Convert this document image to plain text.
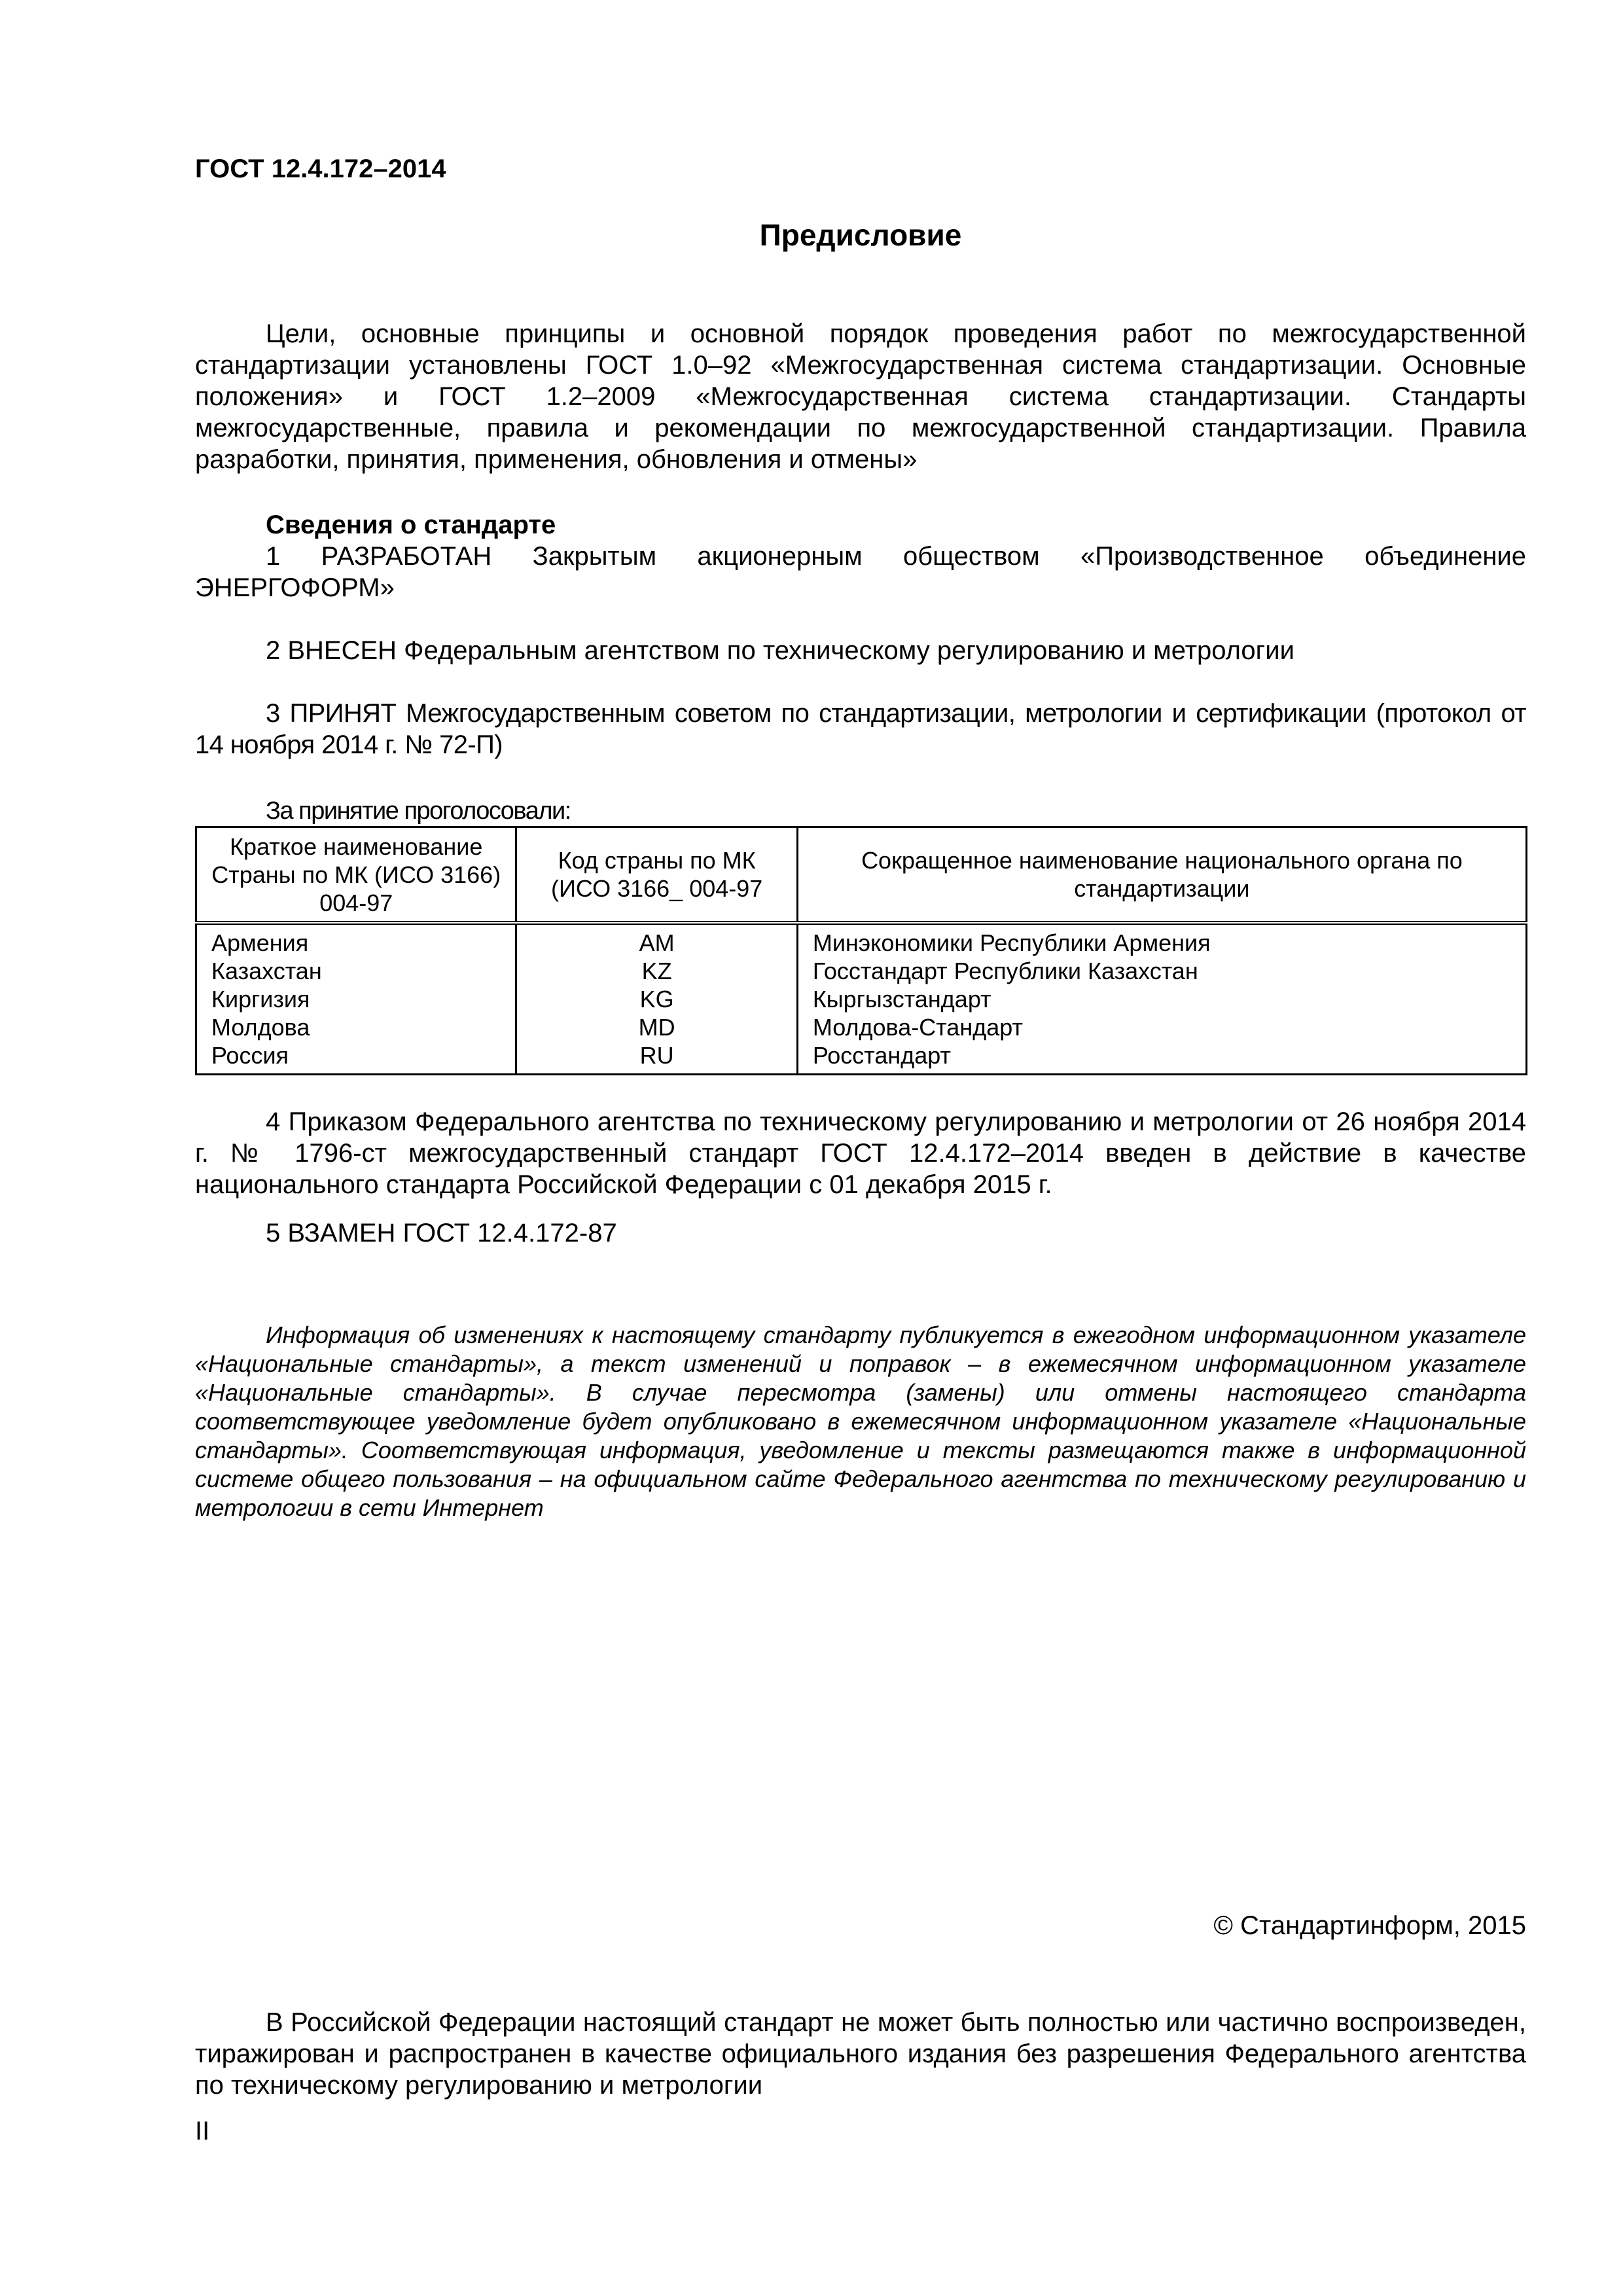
ГОСТ 12.4.172–2014
Предисловие

Цели, основные принципы и основной порядок проведения работ по межгосударственной стандартизации установлены ГОСТ 1.0–92 «Межгосударственная система стандартизации. Основные положения» и ГОСТ 1.2–2009 «Межгосударственная система стандартизации. Стандарты межгосударственные, правила и рекомендации по межгосударственной стандартизации. Правила разработки, принятия, применения, обновления и отмены»

Сведения о стандарте

1 РАЗРАБОТАН Закрытым акционерным обществом «Производственное объединение ЭНЕРГОФОРМ»

2 ВНЕСЕН Федеральным агентством по техническому регулированию и метрологии

3 ПРИНЯТ Межгосударственным советом по стандартизации, метрологии и сертификации (протокол от 14 ноября 2014 г. № 72-П)

За принятие проголосовали:
Краткое наименование Страны по МК (ИСО 3166) 004-97	Код страны по МК (ИСО 3166_ 004-97	Сокращенное наименование национального органа по стандартизации
Армения	AM	Минэкономики Республики Армения
Казахстан	KZ	Госстандарт Республики Казахстан
Киргизия	KG	Кыргызстандарт
Молдова	MD	Молдова-Стандарт
Россия	RU	Росстандарт

4 Приказом Федерального агентства по техническому регулированию и метрологии от 26 ноября 2014 г. № 1796-ст межгосударственный стандарт ГОСТ 12.4.172–2014 введен в действие в качестве национального стандарта Российской Федерации с 01 декабря 2015 г.

5 ВЗАМЕН ГОСТ 12.4.172-87

Информация об изменениях к настоящему стандарту публикуется в ежегодном информационном указателе «Национальные стандарты», а текст изменений и поправок – в ежемесячном информационном указателе «Национальные стандарты». В случае пересмотра (замены) или отмены настоящего стандарта соответствующее уведомление будет опубликовано в ежемесячном информационном указателе «Национальные стандарты». Соответствующая информация, уведомление и тексты размещаются также в информационной системе общего пользования – на официальном сайте Федерального агентства по техническому регулированию и метрологии в сети Интернет

© Стандартинформ, 2015

В Российской Федерации настоящий стандарт не может быть полностью или частично воспроизведен, тиражирован и распространен в качестве официального издания без разрешения Федерального агентства по техническому регулированию и метрологии

II
